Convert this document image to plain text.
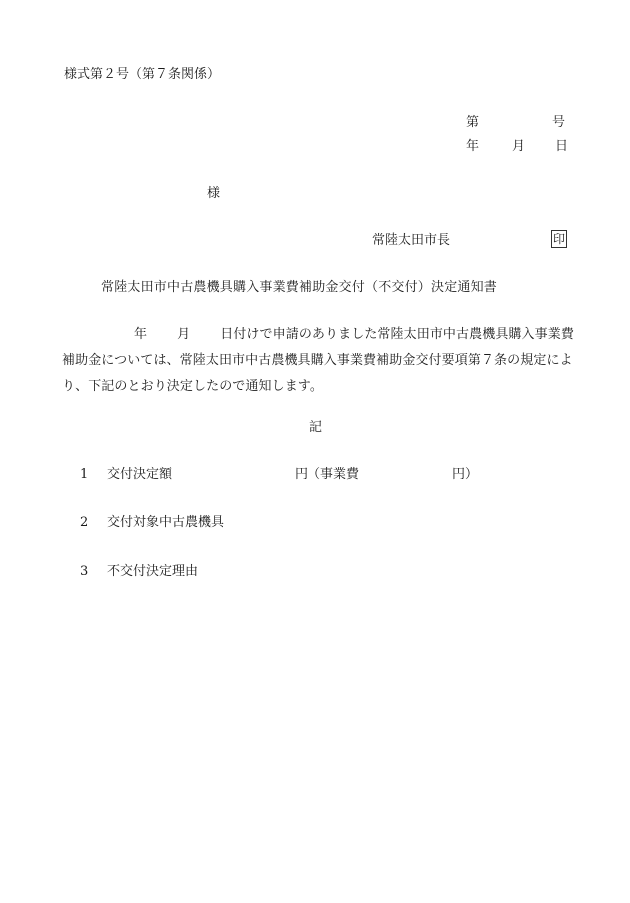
様式第２号（第７条関係）
第	号
年	月 日
様
常陸太田市長	印
常陸太田市中古農機具購入事業費補助金交付（不交付）決定通知書
年 月 日付けで申請のありました常陸太田市中古農機具購入事業費補助金については、常陸太田市中古農機具購入事業費補助金交付要項第７条の規定により、下記のとおり決定したので通知します。
記
1 交付決定額	円
（事業費	円）
2 交付対象中古農機具
3 不交付決定理由
